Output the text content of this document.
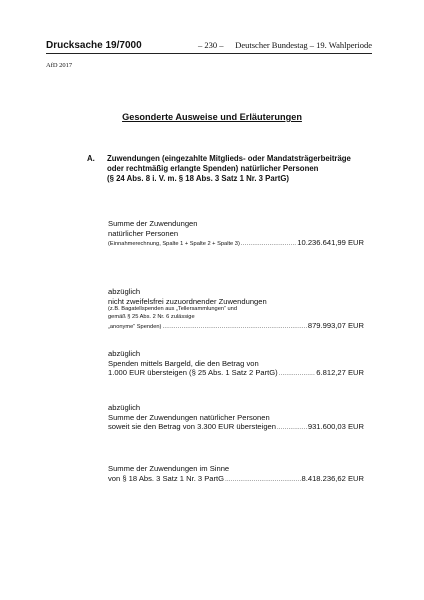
Drucksache 19/7000	– 230 – Deutscher Bundestag – 19. Wahlperiode
AfD 2017
Gesonderte Ausweise und Erläuterungen
A. Zuwendungen (eingezahlte Mitglieds- oder Mandatsträgerbeiträge
oder rechtmäßig erlangte Spenden) natürlicher Personen
(§ 24 Abs. 8 i. V. m. § 18 Abs. 3 Satz 1 Nr. 3 PartG)
Summe der Zuwendungen
natürlicher Personen
(Einnahmerechnung, Spalte 1 + Spalte 2 + Spalte 3) .....	10.236.641,99 EUR
abzüglich
nicht zweifelsfrei zuzuordnender Zuwendungen
(z.B. Bagatellspenden aus „Tellersammlungen“ und
gemäß § 25 Abs. 2 Nr. 6 zulässige
„anonyme“ Spenden) .....	879.993,07 EUR
abzüglich
Spenden mittels Bargeld, die den Betrag von
1.000 EUR übersteigen (§ 25 Abs. 1 Satz 2 PartG) .....	6.812,27 EUR
abzüglich
Summe der Zuwendungen natürlicher Personen
soweit sie den Betrag von 3.300 EUR übersteigen .....	931.600,03 EUR
Summe der Zuwendungen im Sinne
von § 18 Abs. 3 Satz 1 Nr. 3 PartG .....	8.418.236,62 EUR
